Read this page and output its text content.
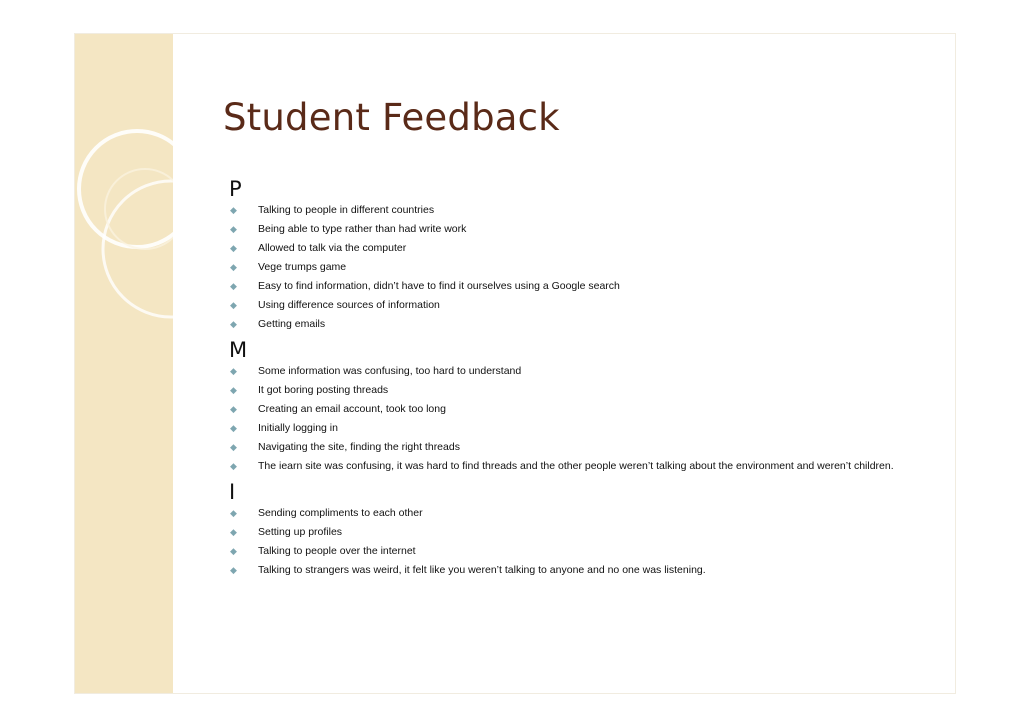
Student Feedback
P
◆ Talking to people in different countries
◆ Being able to type rather than had write work
◆ Allowed to talk via the computer
◆ Vege trumps game
◆ Easy to find information, didn’t have to find it ourselves using a Google search
◆ Using difference sources of information
◆ Getting emails
M
◆ Some information was confusing, too hard to understand
◆ It got boring posting threads
◆ Creating an email account, took too long
◆ Initially logging in
◆ Navigating the site, finding the right threads
◆ The iearn site was confusing, it was hard to find threads and the other people weren’t talking about the environment and weren’t children.
I
◆ Sending compliments to each other
◆ Setting up profiles
◆ Talking to people over the internet
◆ Talking to strangers was weird, it felt like you weren’t talking to anyone and no one was listening.
